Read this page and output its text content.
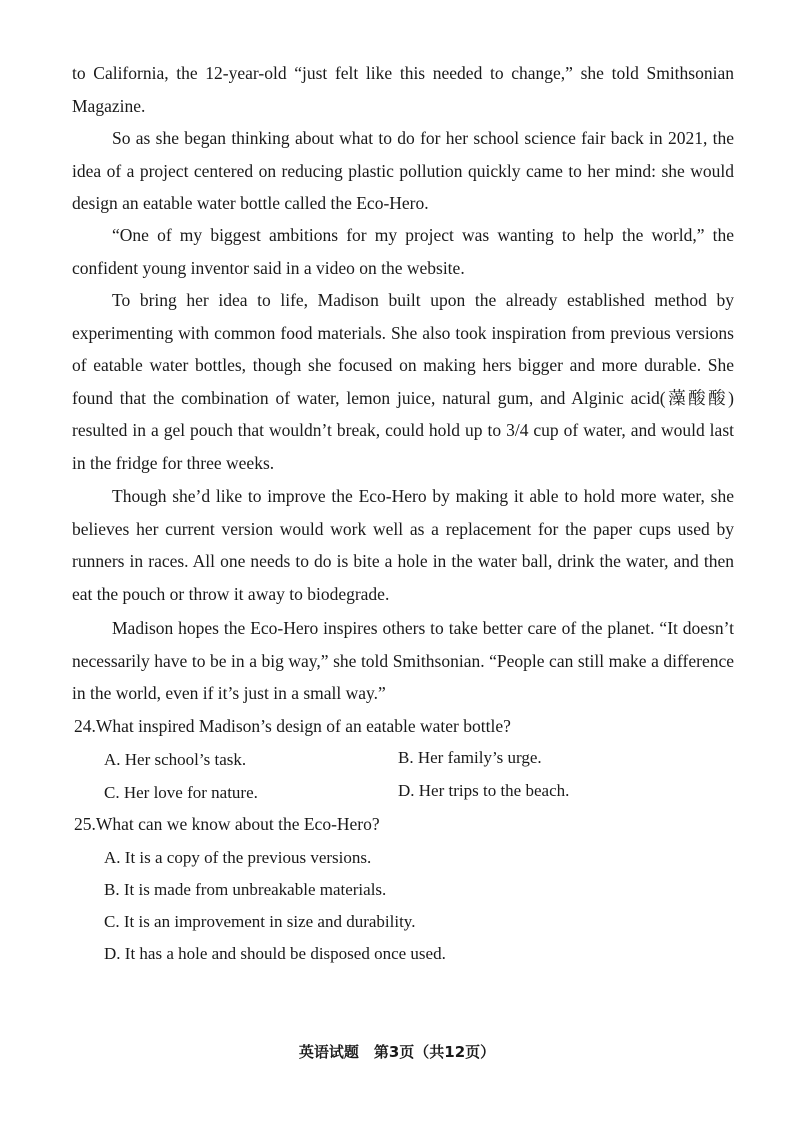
to California, the 12-year-old “just felt like this needed to change,” she told Smithsonian Magazine.

So as she began thinking about what to do for her school science fair back in 2021, the idea of a project centered on reducing plastic pollution quickly came to her mind: she would design an eatable water bottle called the Eco-Hero.

“One of my biggest ambitions for my project was wanting to help the world,” the confident young inventor said in a video on the website.

To bring her idea to life, Madison built upon the already established method by experimenting with common food materials. She also took inspiration from previous versions of eatable water bottles, though she focused on making hers bigger and more durable. She found that the combination of water, lemon juice, natural gum, and Alginic acid(藻酸酸) resulted in a gel pouch that wouldn’t break, could hold up to 3/4 cup of water, and would last in the fridge for three weeks.

Though she’d like to improve the Eco-Hero by making it able to hold more water, she believes her current version would work well as a replacement for the paper cups used by runners in races. All one needs to do is bite a hole in the water ball, drink the water, and then eat the pouch or throw it away to biodegrade.

Madison hopes the Eco-Hero inspires others to take better care of the planet. “It doesn’t necessarily have to be in a big way,” she told Smithsonian. “People can still make a difference in the world, even if it’s just in a small way.”

24.What inspired Madison’s design of an eatable water bottle?

A. Her school’s task.	B. Her family’s urge.

C. Her love for nature.	D. Her trips to the beach.

25.What can we know about the Eco-Hero?

A. It is a copy of the previous versions.

B. It is made from unbreakable materials.

C. It is an improvement in size and durability.

D. It has a hole and should be disposed once used.

英语试题　第3页（共12页）
